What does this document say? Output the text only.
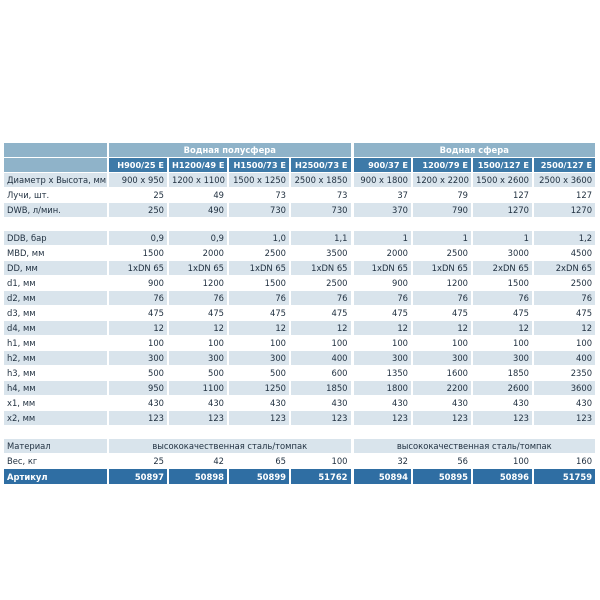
	Водная полусфера				Водная сфера			
	H900/25 E	H1200/49 E	H1500/73 E	H2500/73 E	900/37 E	1200/79 E	1500/127 E	2500/127 E
Диаметр х Высота, мм	900 x 950	1200 x 1100	1500 x 1250	2500 x 1850	900 x 1800	1200 x 2200	1500 x 2600	2500 x 3600
Лучи, шт.	25	49	73	73	37	79	127	127
DWB, л/мин.	250	490	730	730	370	790	1270	1270

DDB, бар	0,9	0,9	1,0	1,1	1	1	1	1,2
MBD, мм	1500	2000	2500	3500	2000	2500	3000	4500
DD, мм	1xDN 65	1xDN 65	1xDN 65	1xDN 65	1xDN 65	1xDN 65	2xDN 65	2xDN 65
d1, мм	900	1200	1500	2500	900	1200	1500	2500
d2, мм	76	76	76	76	76	76	76	76
d3, мм	475	475	475	475	475	475	475	475
d4, мм	12	12	12	12	12	12	12	12
h1, мм	100	100	100	100	100	100	100	100
h2, мм	300	300	300	400	300	300	300	400
h3, мм	500	500	500	600	1350	1600	1850	2350
h4, мм	950	1100	1250	1850	1800	2200	2600	3600
x1, мм	430	430	430	430	430	430	430	430
x2, мм	123	123	123	123	123	123	123	123

Материал	высококачественная сталь/томпак				высококачественная сталь/томпак			
Вес, кг	25	42	65	100	32	56	100	160
Артикул	50897	50898	50899	51762	50894	50895	50896	51759
